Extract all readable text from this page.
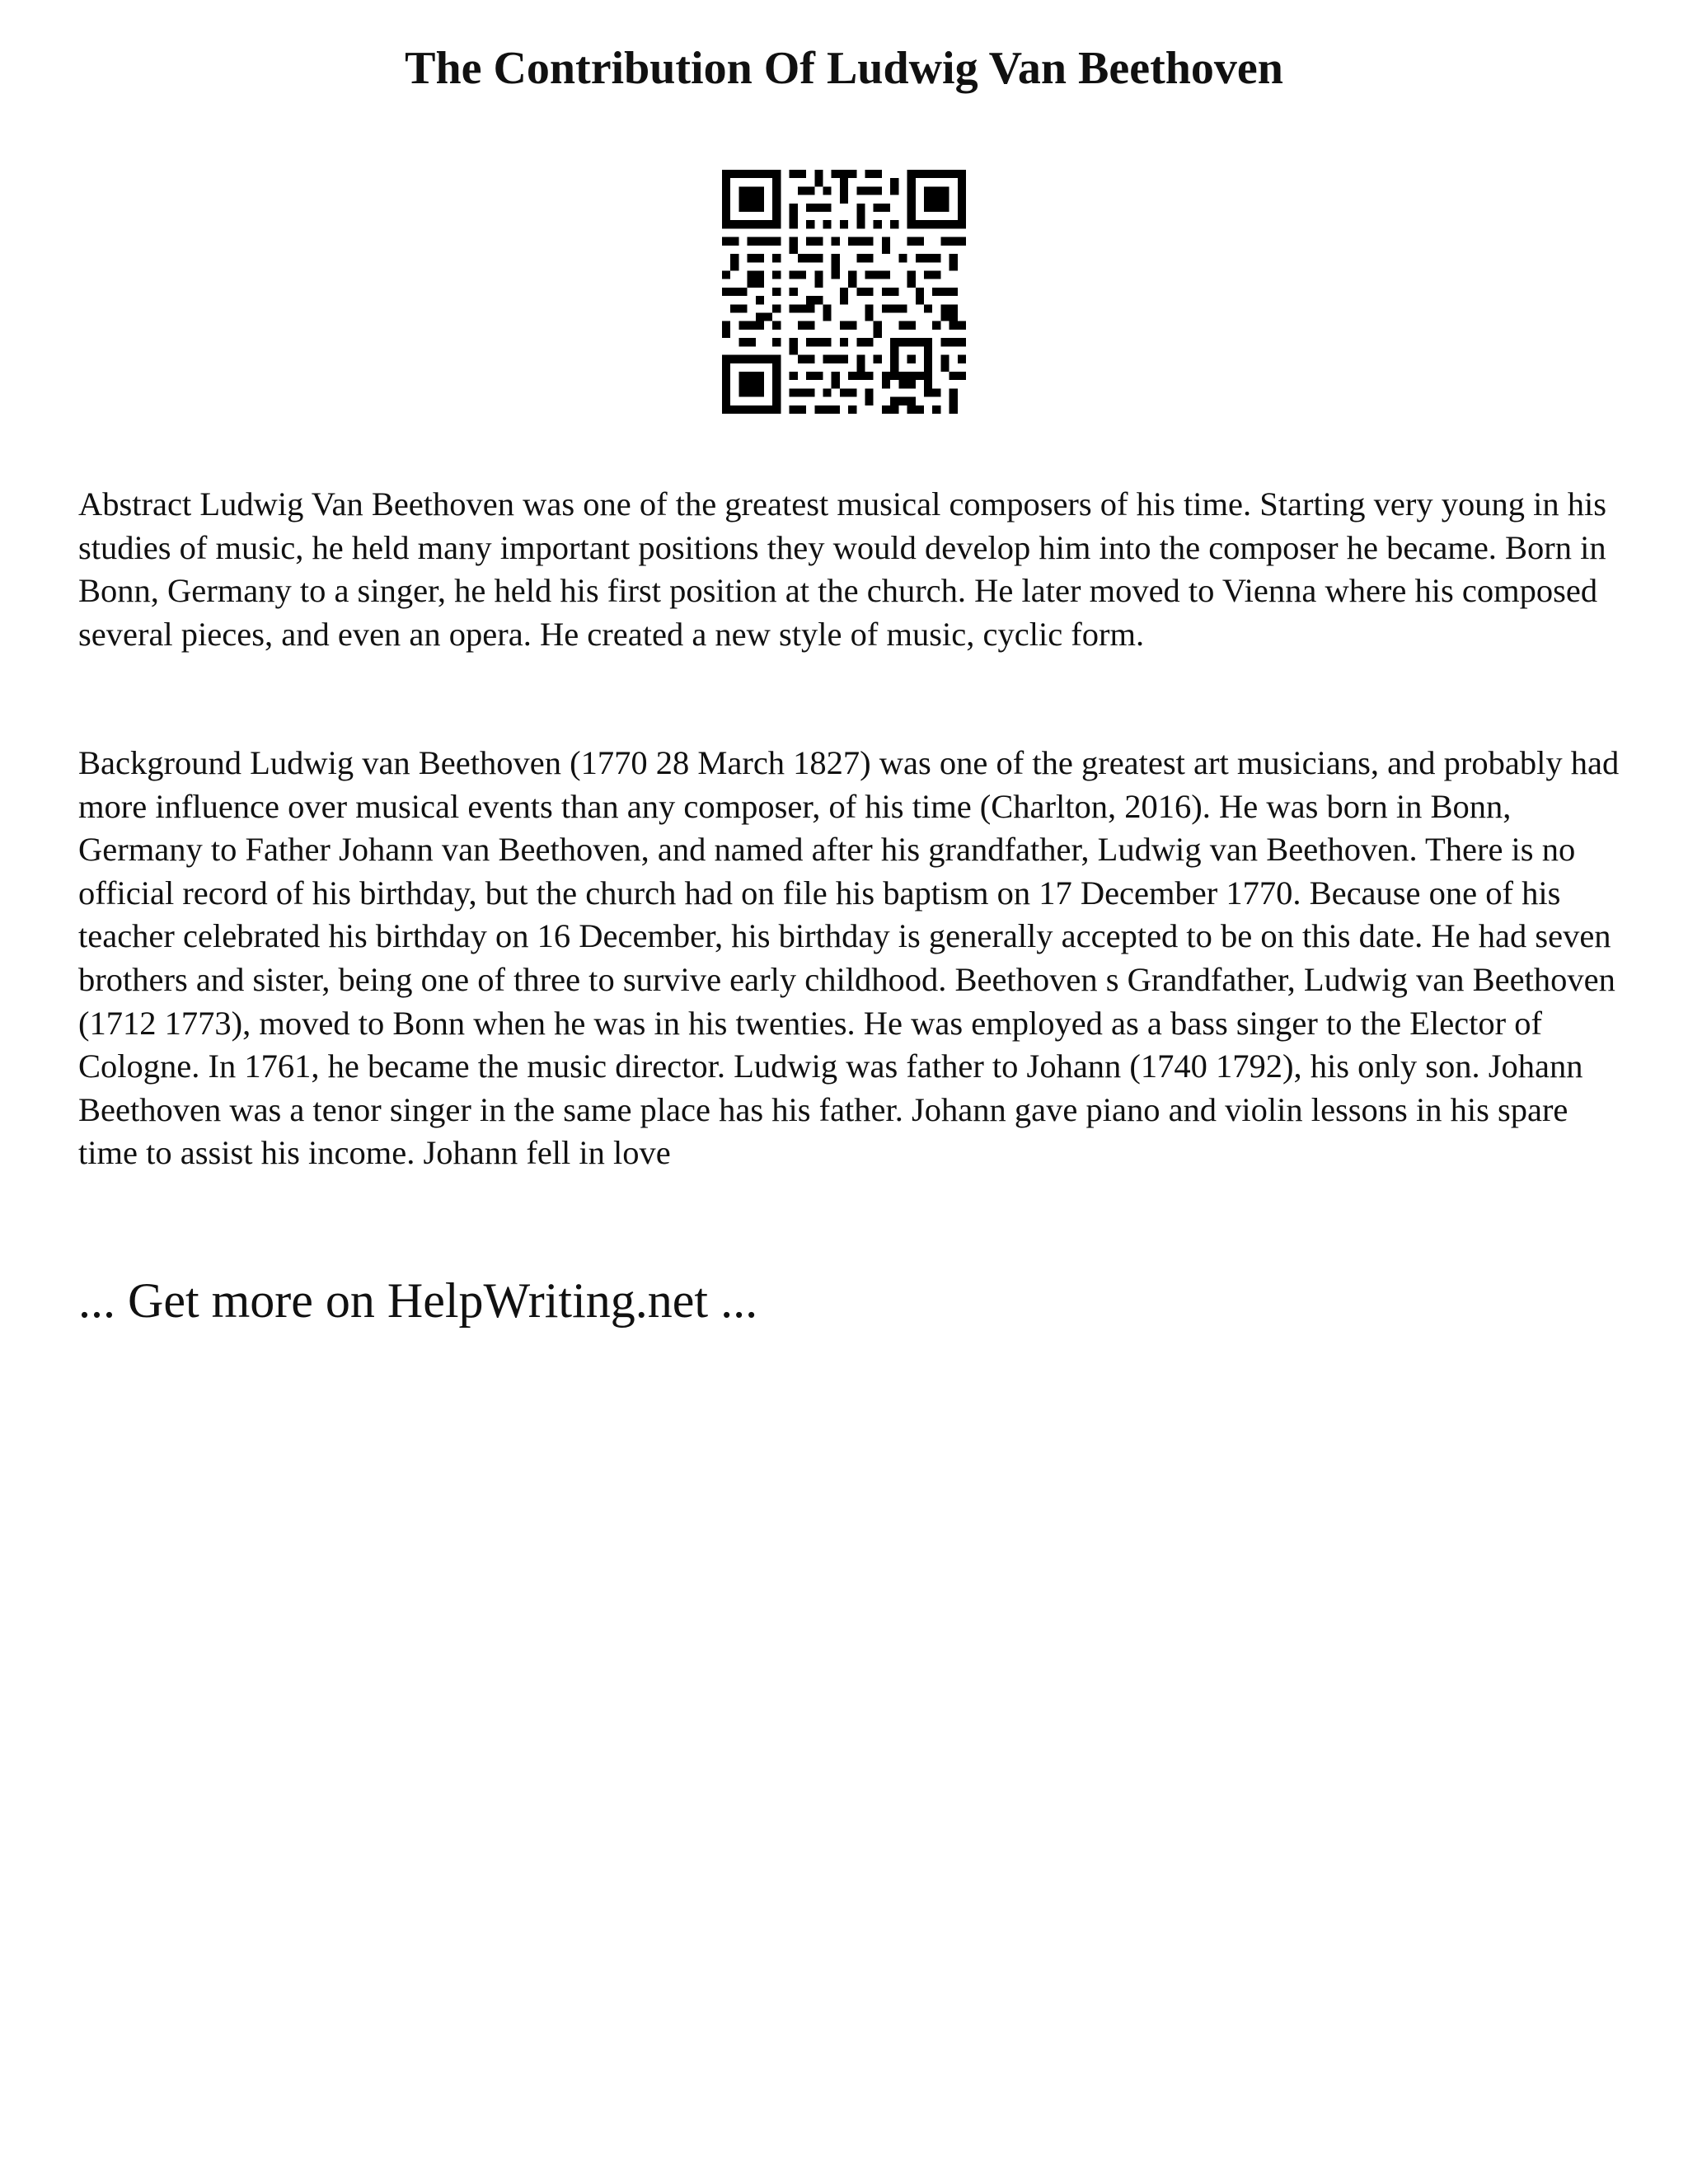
The Contribution Of Ludwig Van Beethoven

Abstract Ludwig Van Beethoven was one of the greatest musical composers of his time. Starting very young in his studies of music, he held many important positions they would develop him into the composer he became. Born in Bonn, Germany to a singer, he held his first position at the church. He later moved to Vienna where his composed several pieces, and even an opera. He created a new style of music, cyclic form.

Background Ludwig van Beethoven (1770 28 March 1827) was one of the greatest art musicians, and probably had more influence over musical events than any composer, of his time (Charlton, 2016). He was born in Bonn, Germany to Father Johann van Beethoven, and named after his grandfather, Ludwig van Beethoven. There is no official record of his birthday, but the church had on file his baptism on 17 December 1770. Because one of his teacher celebrated his birthday on 16 December, his birthday is generally accepted to be on this date. He had seven brothers and sister, being one of three to survive early childhood. Beethoven s Grandfather, Ludwig van Beethoven (1712 1773), moved to Bonn when he was in his twenties. He was employed as a bass singer to the Elector of Cologne. In 1761, he became the music director. Ludwig was father to Johann (1740 1792), his only son. Johann Beethoven was a tenor singer in the same place has his father. Johann gave piano and violin lessons in his spare time to assist his income. Johann fell in love

... Get more on HelpWriting.net ...
